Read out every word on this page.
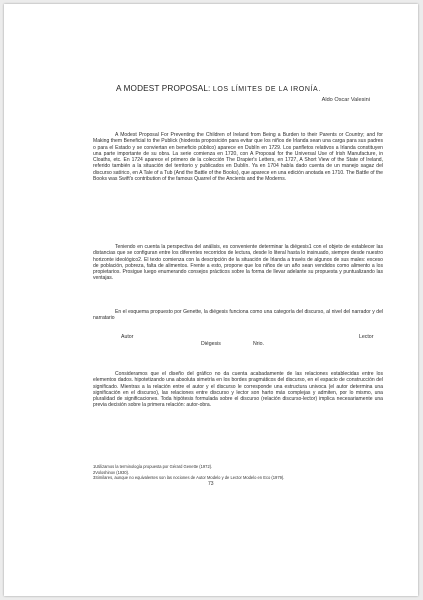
A MODEST PROPOSAL: LOS LÍMITES DE LA IRONÍA.
Aldo Oscar Valesini

A Modest Proposal For Preventing the Children of Ireland from Being a Burden to their Parents or Country; and for Making them Beneficial to the Publick (hiodesta proposición para evitar que los niños de Irlanda sean una carga para sus padres o para el Estado y se conviertan en beneficio público) aparece en Dublín en 1729. Los panfletos relativos a Irlanda constituyen una parte importante de su obra. La serie comienza en 1720, con A Proposal for the Universal Use of Irish Manufacture, in Cloaths, etc. En 1724 aparece el primero de la colección The Drapier's Letters, en 1727, A Short View of the State of Ireland, referido también a la situación del territorio y publicados en Dublín. Ya en 1704 había dado cuenta de un manejo sagaz del discurso satírico, en A Tale of a Tub (And the Battle of the Books), que aparece en una edición anotada en 1710. The Battle of the Books was Swift's contribution of the famous Quarrel of the Ancients and the Moderns.

Teniendo en cuenta la perspectiva del análisis, es conveniente determinar la diégesis1 con el objeto de establecer las distancias que se configuran entre los diferentes recorridos de lectura, desde lo literal hasta lo insinuado, siempre desde nuestro horizonte ideológico2. El texto comienza con la descripción de la situación de Irlanda a través de algunos de sus males: exceso de población, pobreza, falta de alimentos. Frente a esto, propone que los niños de un año sean vendidos como alimento a los propietarios. Prosigue luego enumerando consejos prácticos sobre la forma de llevar adelante su propuesta y puntualizando las ventajas.

En el esquema propuesto por Genette, la diégesis funciona como una categoría del discurso, al nivel del narrador y del narratario

Autor	Lector
Diégesis	Nrio.

Consideramos que el diseño del gráfico no da cuenta acabadamente de las relaciones establecidas entre los elementos dados. hipotetizando una absoluta simetría en los bordes pragmáticos del discurso, en el espacio de construcción del significado. Mientras a la relación entre el autor y el discurso le corresponde una estructura univoca (el autor determina una significación en el discurso), las relaciones entre discurso y lector son harto más complejas y admiten, por lo mismo, una pluralidad de significaciones. Toda hipótesis formulada sobre el discurso (relación discurso-lector) implica necesariamente una previa decisión sobre la primera relación: autor-obra.

1Utilizamos la terminología propuesta por Gérard Genette (1972).
2Voloshinov (1930).
3Similares, aunque no equivalentes son las nociones de Autor Modelo y de Lector Modelo en Eco (1979).
73
